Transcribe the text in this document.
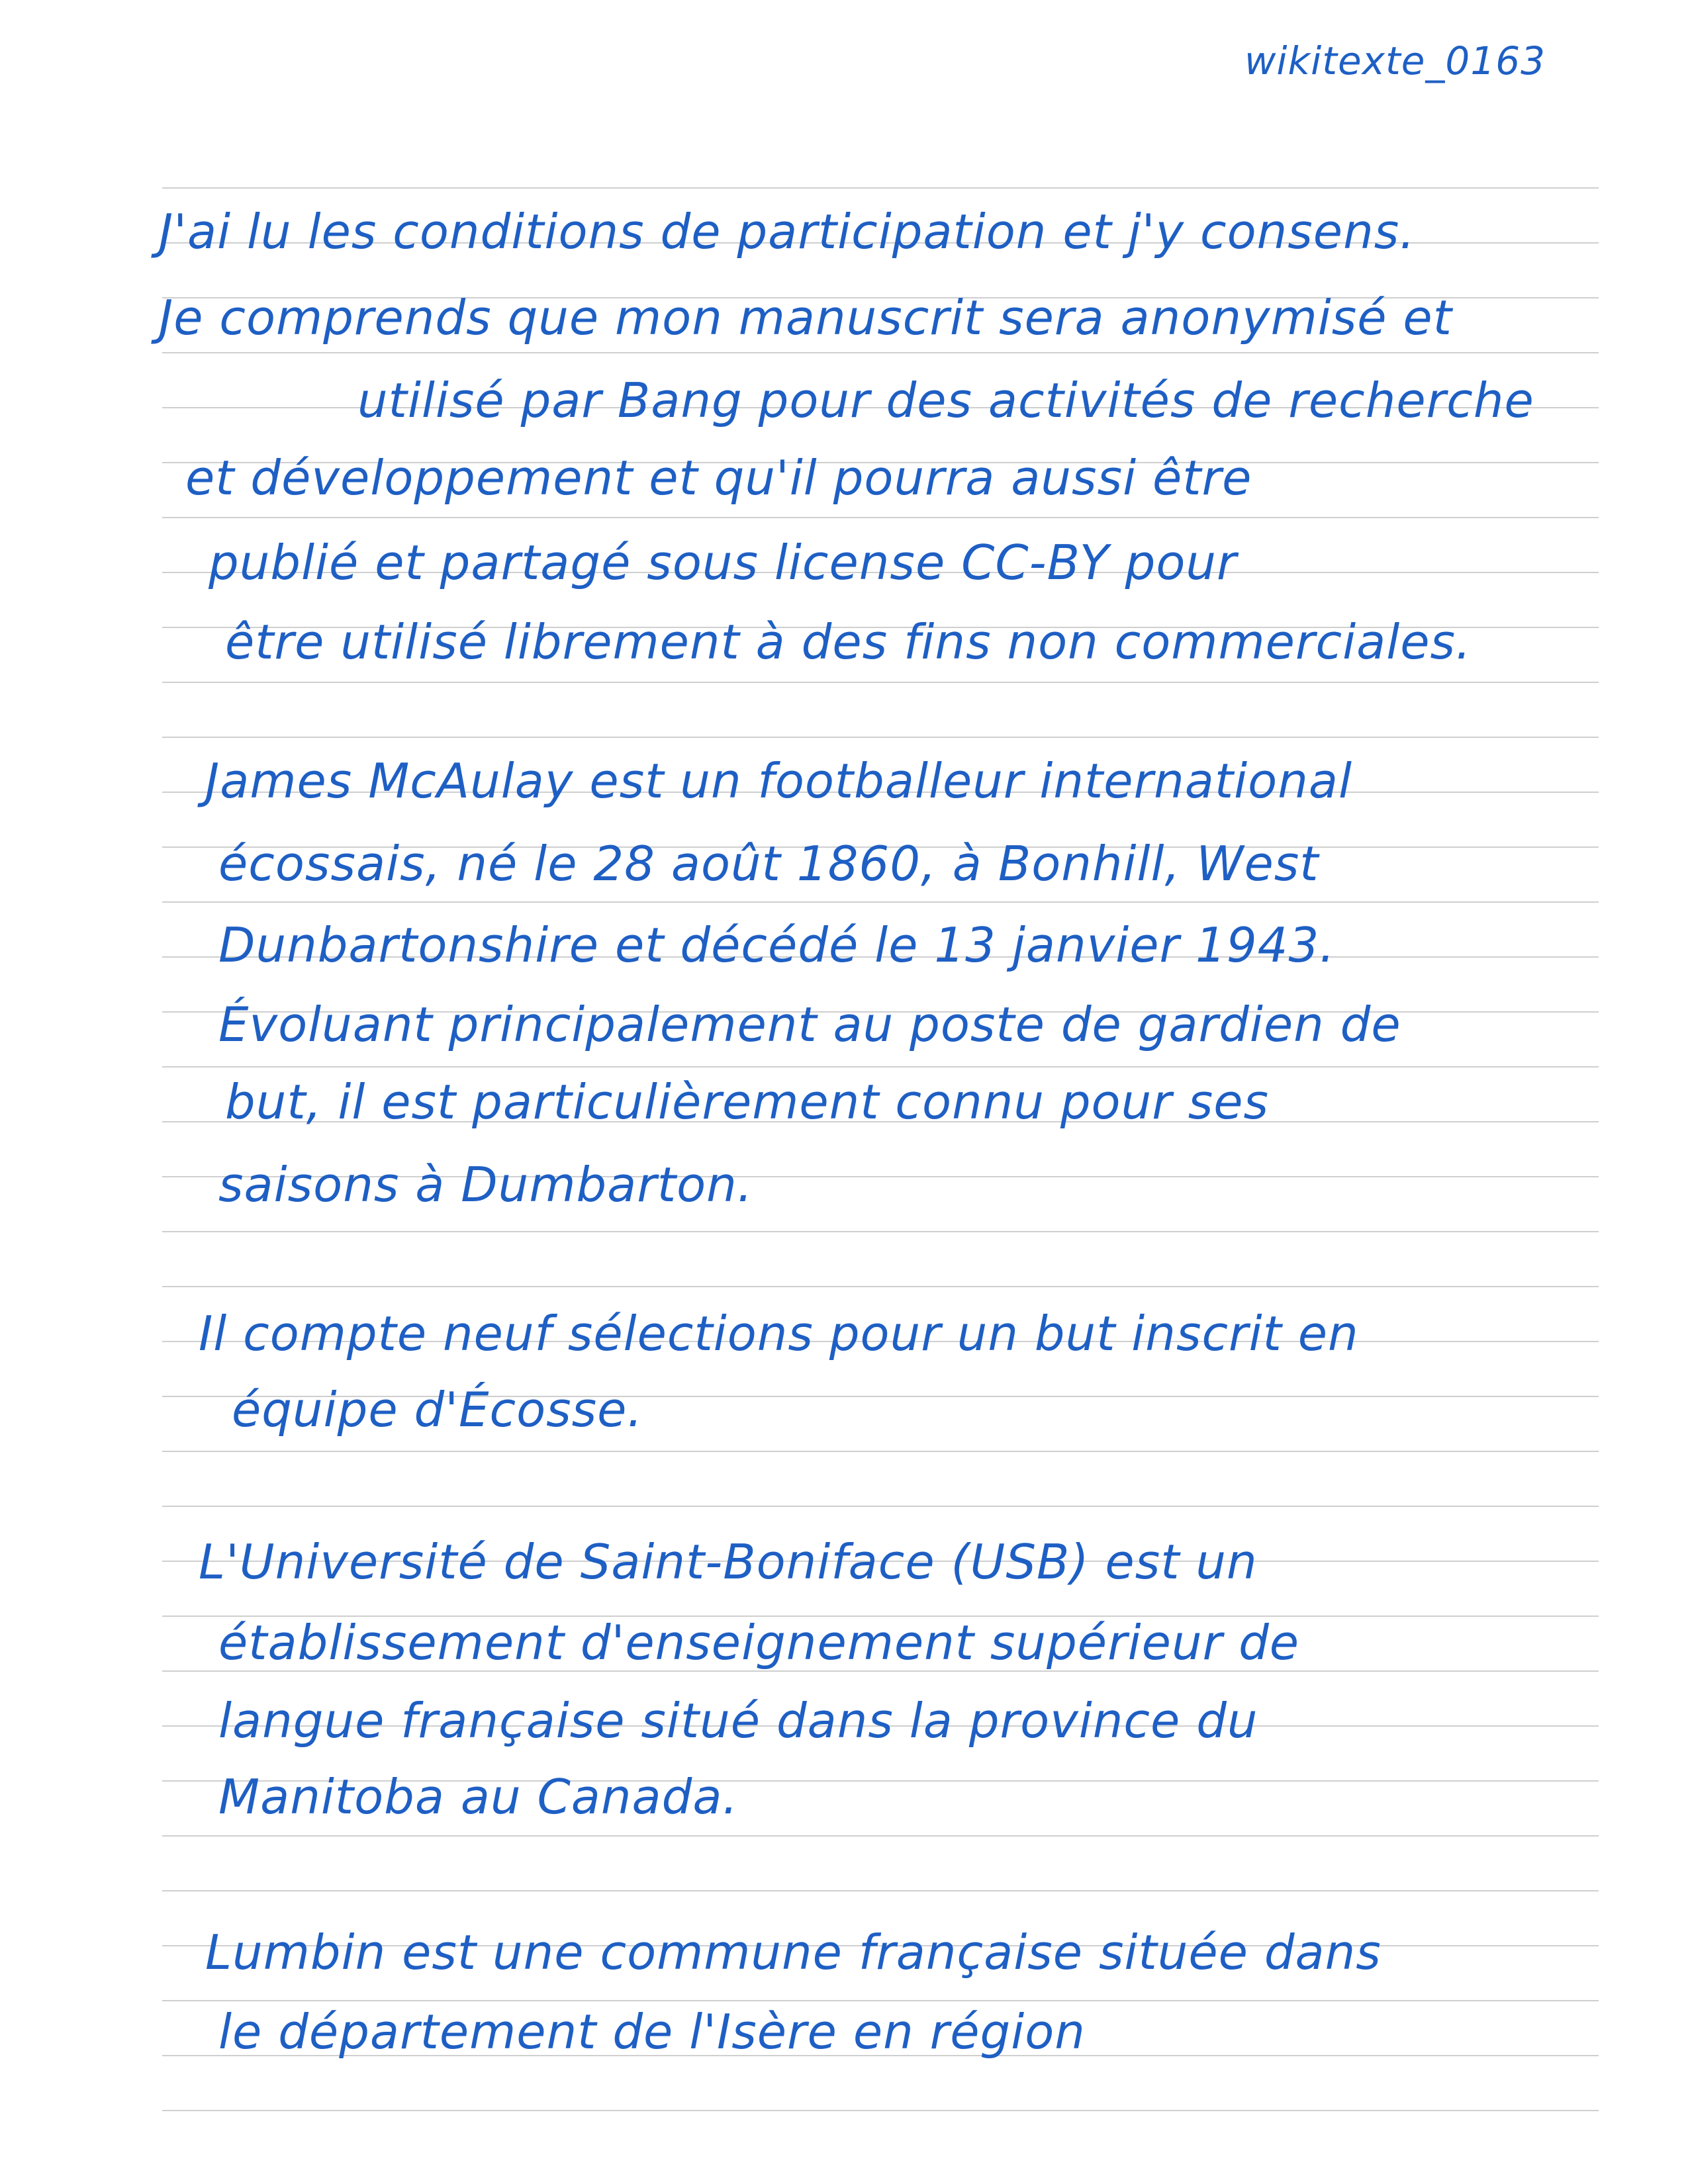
wikitexte_0163
J'ai lu les conditions de participation et j'y consens.
Je comprends que mon manuscrit sera anonymisé et
utilisé par Bang pour des activités de recherche
et développement et qu'il pourra aussi être
publié et partagé sous license CC-BY pour
être utilisé librement à des fins non commerciales.
James McAulay est un footballeur international
écossais, né le 28 août 1860, à Bonhill, West
Dunbartonshire et décédé le 13 janvier 1943.
Évoluant principalement au poste de gardien de
but, il est particulièrement connu pour ses
saisons à Dumbarton.
Il compte neuf sélections pour un but inscrit en
équipe d'Écosse.
L'Université de Saint-Boniface (USB) est un
établissement d'enseignement supérieur de
langue française situé dans la province du
Manitoba au Canada.
Lumbin est une commune française située dans
le département de l'Isère en région
